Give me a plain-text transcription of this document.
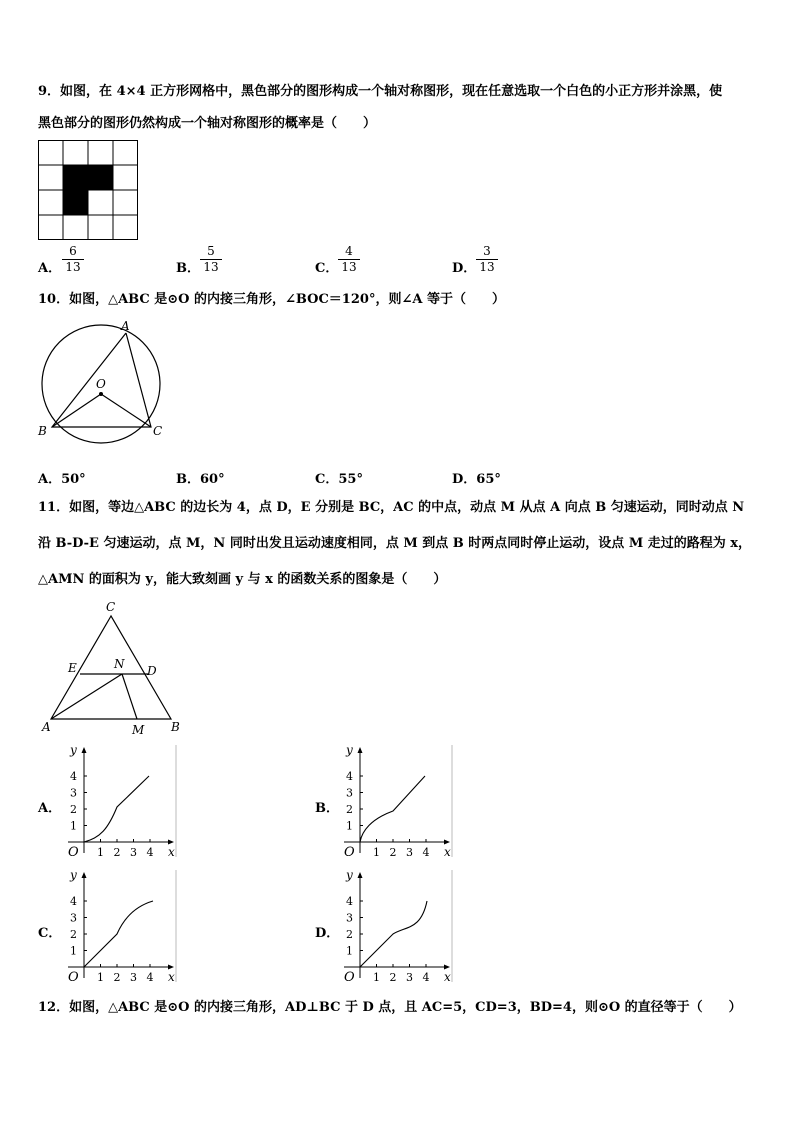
9．如图，在 4×4 正方形网格中，黑色部分的图形构成一个轴对称图形，现在任意选取一个白色的小正方形并涂黑，使
黑色部分的图形仍然构成一个轴对称图形的概率是（　　）
A． $\frac{6}{13}$	B． $\frac{5}{13}$	C． $\frac{4}{13}$	D． $\frac{3}{13}$
10．如图，△ABC 是⊙O 的内接三角形，∠BOC＝120°，则∠A 等于（　　）
A
O
B	C
A．50°	B．60°	C．55°	D．65°
11．如图，等边△ABC 的边长为 4，点 D，E 分别是 BC，AC 的中点，动点 M 从点 A 向点 B 匀速运动，同时动点 N
沿 B-D-E 匀速运动，点 M，N 同时出发且运动速度相同，点 M 到点 B 时两点同时停止运动，设点 M 走过的路程为 x，
△AMN 的面积为 y，能大致刻画 y 与 x 的函数关系的图象是（　　）
C
E	N D
A	M B
A．	B．
C．	D．
y
x
O 1 2 3 4
1
2
3
4
y
x
O 1 2 3 4
1
2
3
4
y
x
O 1 2 3 4
1
2
3
4
y
x
O 1 2 3 4
1
2
3
4
12．如图，△ABC 是⊙O 的内接三角形，AD⊥BC 于 D 点，且 AC=5，CD=3，BD=4，则⊙O 的直径等于（　　）
